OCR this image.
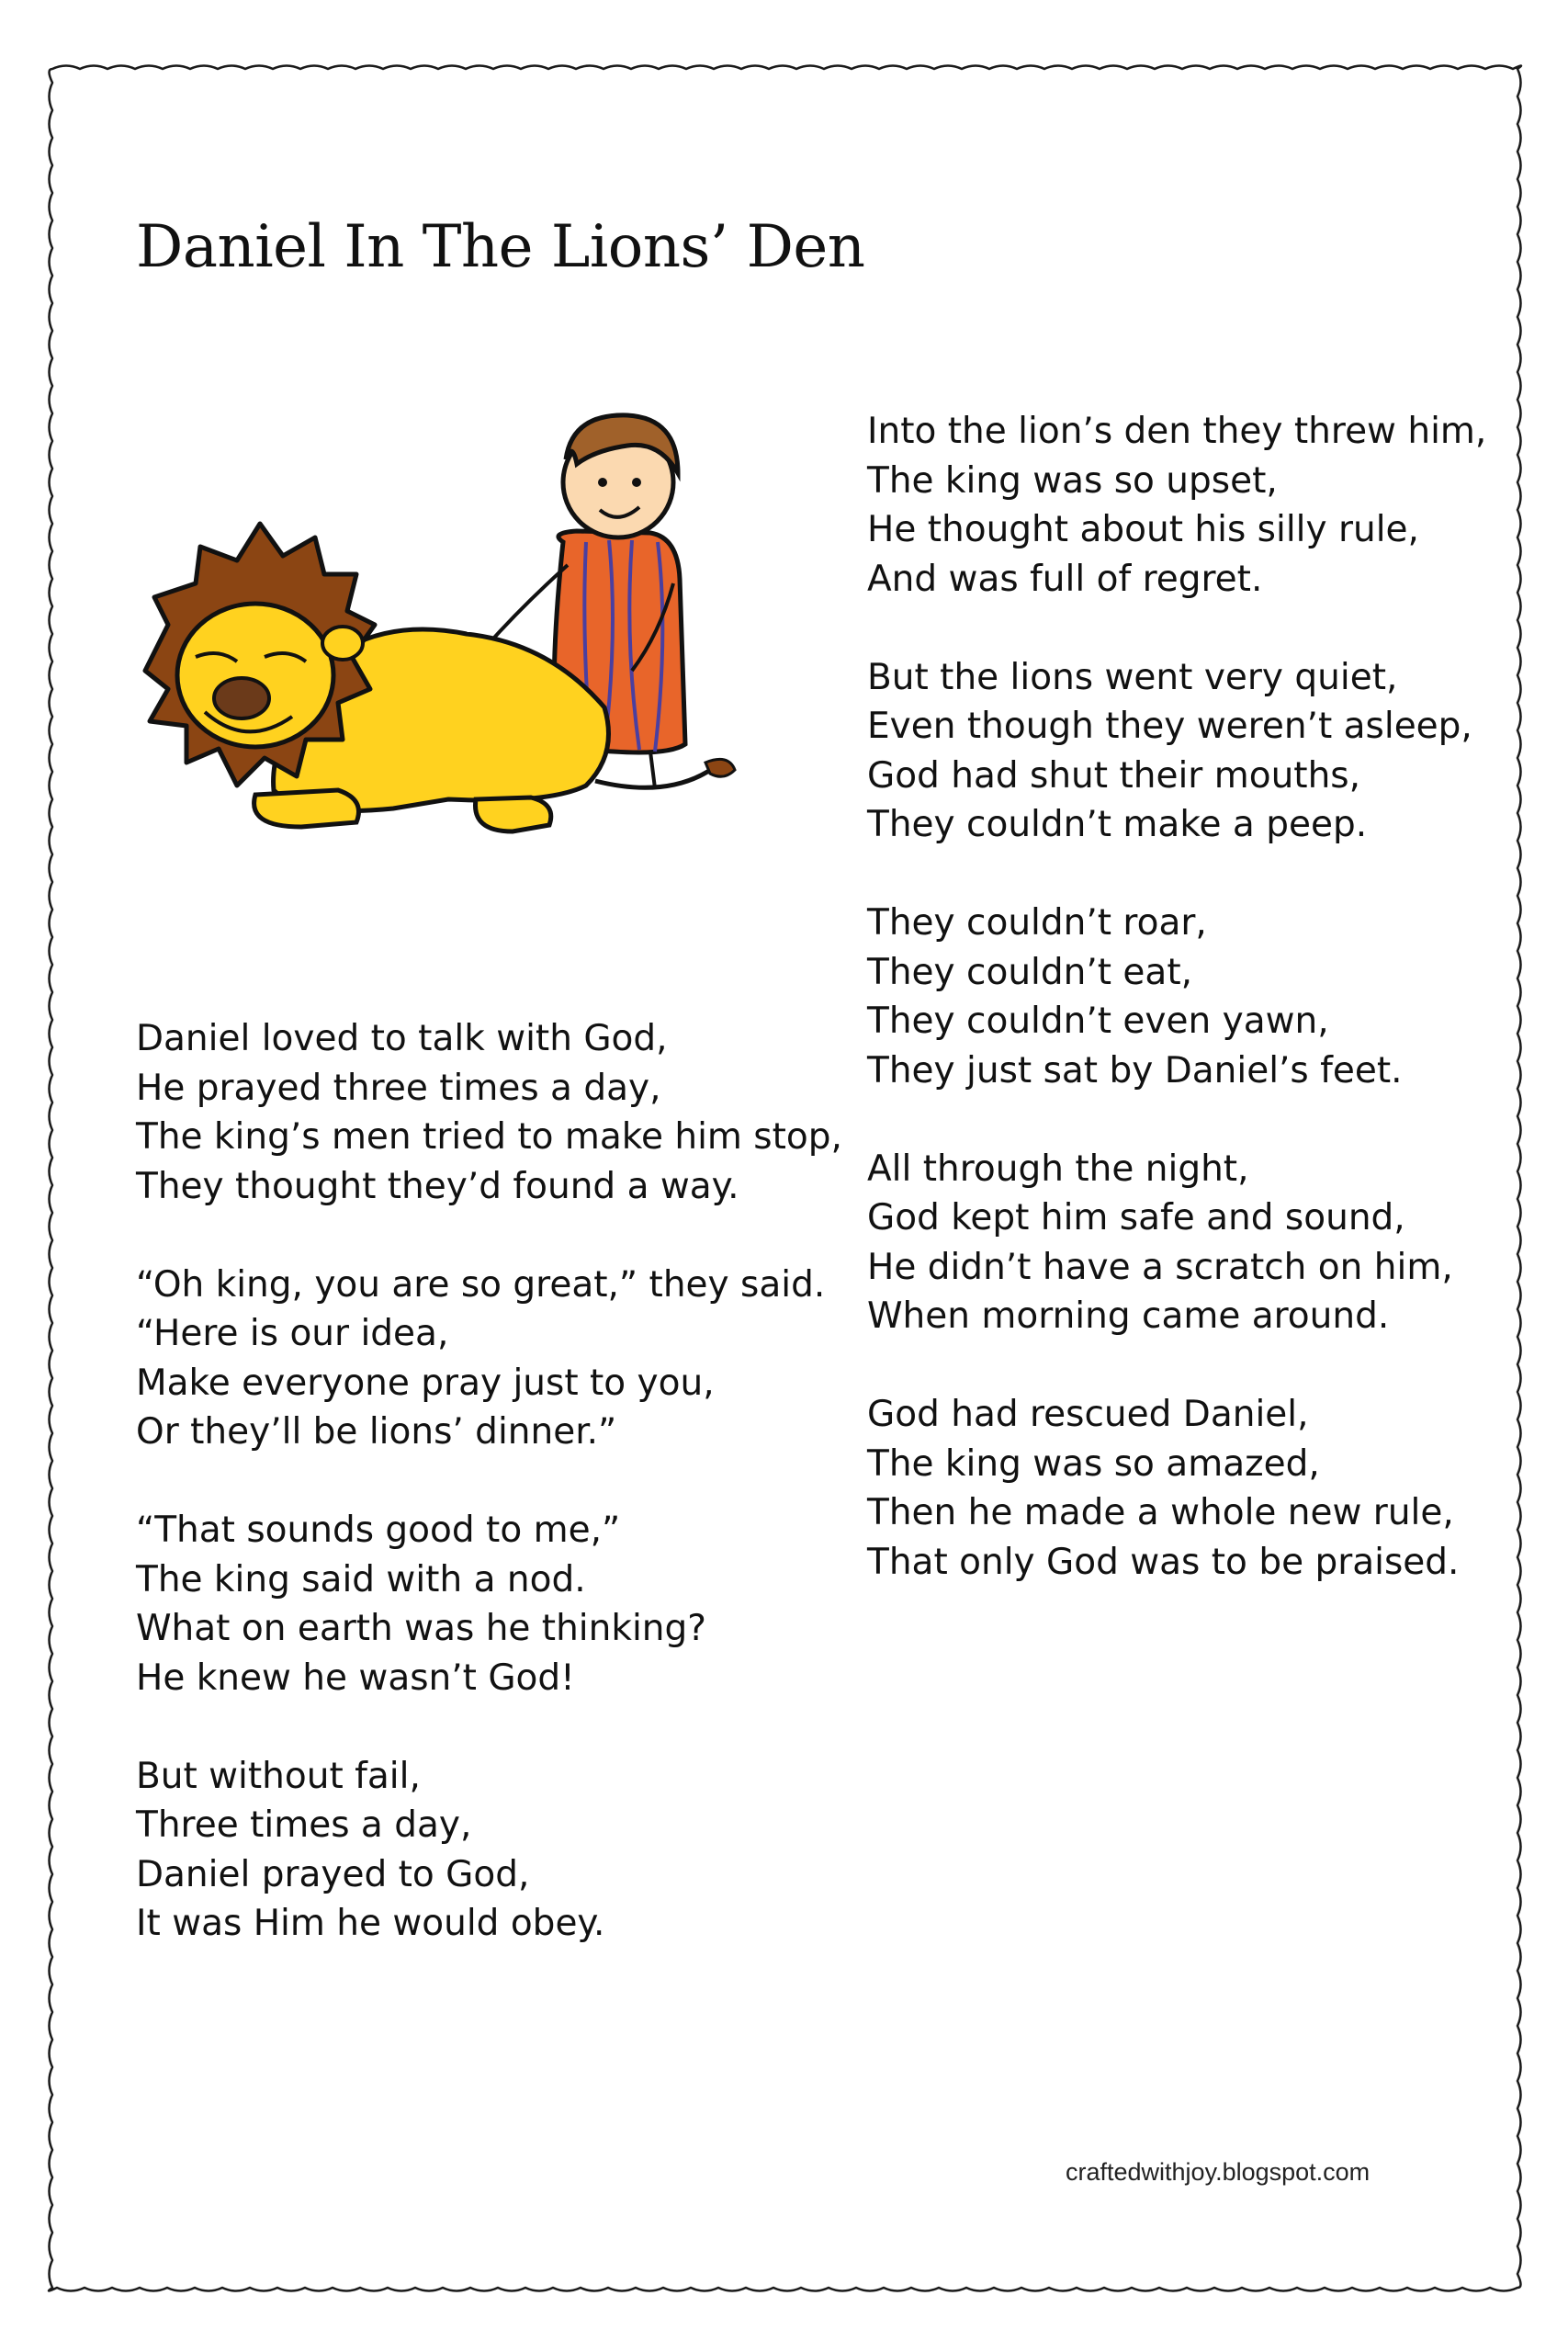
Daniel In The Lions’ Den

Daniel loved to talk with God,
He prayed three times a day,
The king’s men tried to make him stop,
They thought they’d found a way.

“Oh king, you are so great,” they said.
“Here is our idea,
Make everyone pray just to you,
Or they’ll be lions’ dinner.”

“That sounds good to me,”
The king said with a nod.
What on earth was he thinking?
He knew he wasn’t God!

But without fail,
Three times a day,
Daniel prayed to God,
It was Him he would obey.

Into the lion’s den they threw him,
The king was so upset,
He thought about his silly rule,
And was full of regret.

But the lions went very quiet,
Even though they weren’t asleep,
God had shut their mouths,
They couldn’t make a peep.

They couldn’t roar,
They couldn’t eat,
They couldn’t even yawn,
They just sat by Daniel’s feet.

All through the night,
God kept him safe and sound,
He didn’t have a scratch on him,
When morning came around.

God had rescued Daniel,
The king was so amazed,
Then he made a whole new rule,
That only God was to be praised.

craftedwithjoy.blogspot.com
